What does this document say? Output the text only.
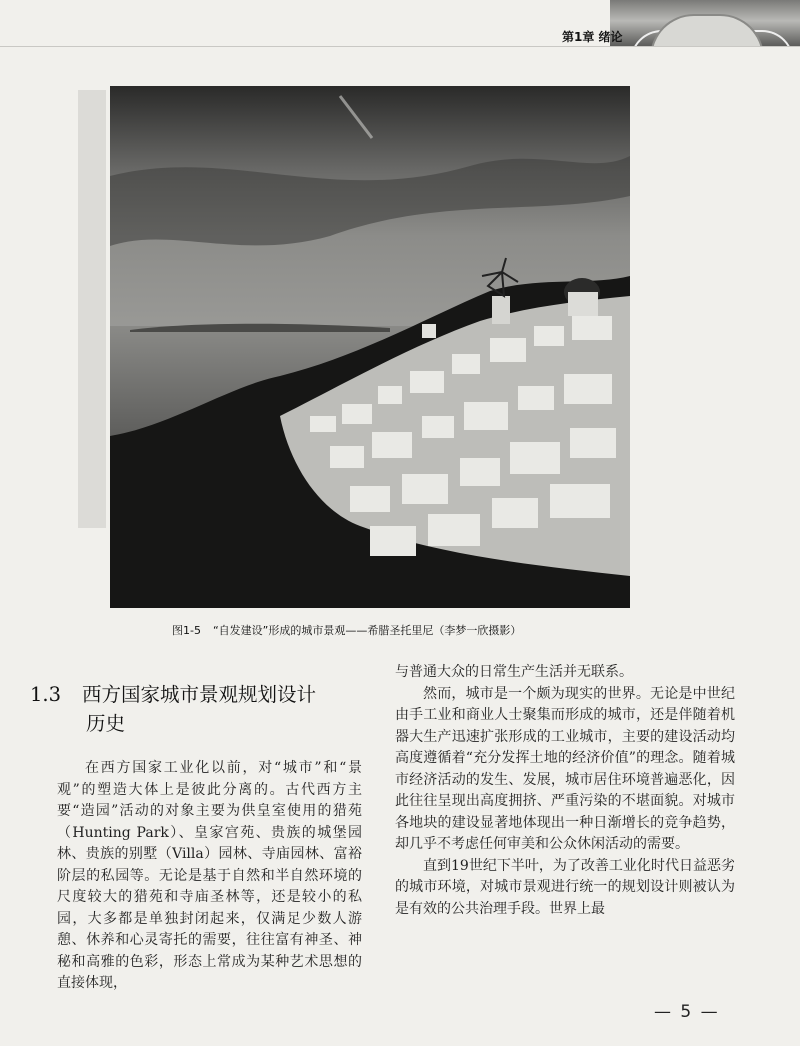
第1章 绪论
图1-5 “自发建设”形成的城市景观——希腊圣托里尼（李梦一欣摄影）
1.3 西方国家城市景观规划设计
历史

在西方国家工业化以前，对“城市”和“景观”的塑造大体上是彼此分离的。古代西方主要“造园”活动的对象主要为供皇室使用的猎苑（Hunting Park）、皇家宫苑、贵族的城堡园林、贵族的别墅（Villa）园林、寺庙园林、富裕阶层的私园等。无论是基于自然和半自然环境的尺度较大的猎苑和寺庙圣林等，还是较小的私园，大多都是单独封闭起来，仅满足少数人游憩、休养和心灵寄托的需要，往往富有神圣、神秘和高雅的色彩，形态上常成为某种艺术思想的直接体现，

与普通大众的日常生产生活并无联系。

然而，城市是一个颇为现实的世界。无论是中世纪由手工业和商业人士聚集而形成的城市，还是伴随着机器大生产迅速扩张形成的工业城市，主要的建设活动均高度遵循着“充分发挥土地的经济价值”的理念。随着城市经济活动的发生、发展，城市居住环境普遍恶化，因此往往呈现出高度拥挤、严重污染的不堪面貌。对城市各地块的建设显著地体现出一种日渐增长的竞争趋势，却几乎不考虑任何审美和公众休闲活动的需要。

直到19世纪下半叶，为了改善工业化时代日益恶劣的城市环境，对城市景观进行统一的规划设计则被认为是有效的公共治理手段。世界上最

— 5 —
